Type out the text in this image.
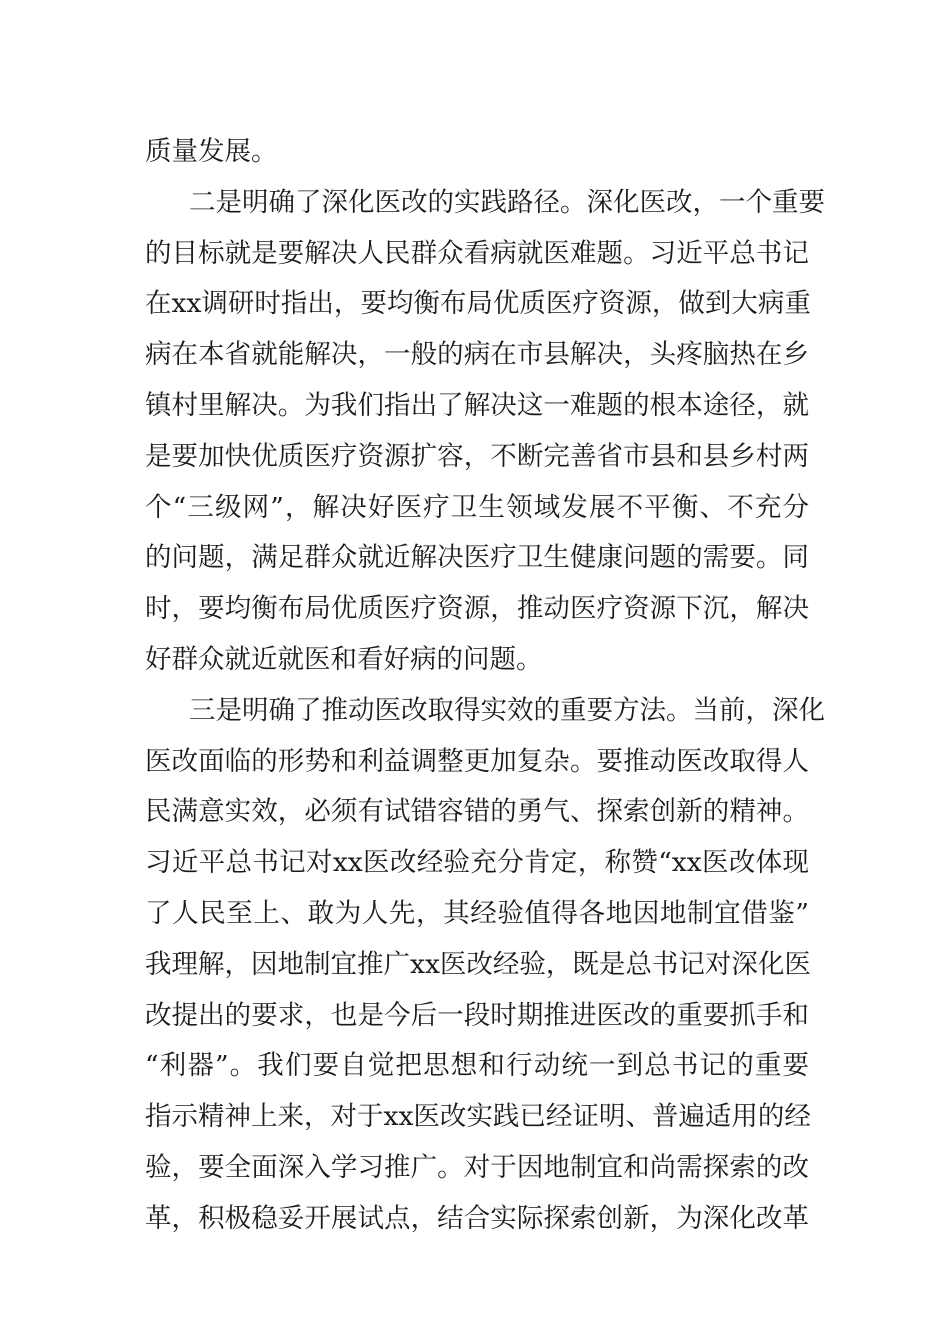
质量发展。
二是明确了深化医改的实践路径。深化医改，一个重要
的目标就是要解决人民群众看病就医难题。习近平总书记
在xx调研时指出，要均衡布局优质医疗资源，做到大病重
病在本省就能解决，一般的病在市县解决，头疼脑热在乡
镇村里解决。为我们指出了解决这一难题的根本途径，就
是要加快优质医疗资源扩容，不断完善省市县和县乡村两
个“三级网”，解决好医疗卫生领域发展不平衡、不充分
的问题，满足群众就近解决医疗卫生健康问题的需要。同
时，要均衡布局优质医疗资源，推动医疗资源下沉，解决
好群众就近就医和看好病的问题。
三是明确了推动医改取得实效的重要方法。当前，深化
医改面临的形势和利益调整更加复杂。要推动医改取得人
民满意实效，必须有试错容错的勇气、探索创新的精神。
习近平总书记对xx医改经验充分肯定，称赞“xx医改体现
了人民至上、敢为人先，其经验值得各地因地制宜借鉴”
我理解，因地制宜推广xx医改经验，既是总书记对深化医
改提出的要求，也是今后一段时期推进医改的重要抓手和
“利器”。我们要自觉把思想和行动统一到总书记的重要
指示精神上来，对于xx医改实践已经证明、普遍适用的经
验，要全面深入学习推广。对于因地制宜和尚需探索的改
革，积极稳妥开展试点，结合实际探索创新，为深化改革
